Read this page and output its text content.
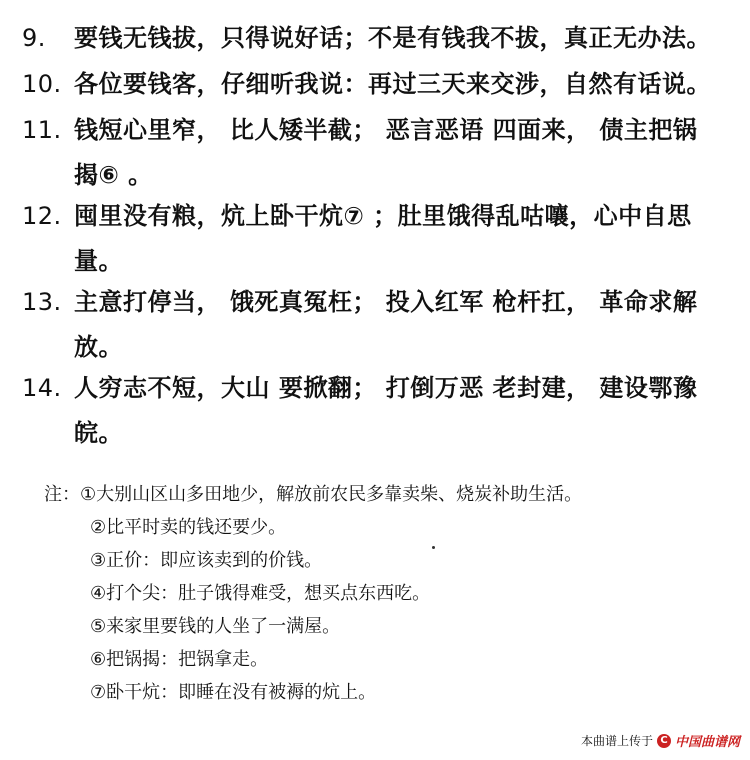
9. 要钱无钱拔，只得说好话；不是有钱我不拔，真正无办法。
10. 各位要钱客，仔细听我说：再过三天来交涉，自然有话说。
11. 钱短心里窄， 比人矮半截； 恶言恶语 四面来， 债主把锅
揭⑥ 。
12. 囤里没有粮，炕上卧干炕⑦ ；肚里饿得乱咕嚷，心中自思
量。
13. 主意打停当， 饿死真冤枉； 投入红军 枪杆扛， 革命求解
放。
14. 人穷志不短，大山 要掀翻； 打倒万恶 老封建， 建设鄂豫
皖。
注：①大别山区山多田地少，解放前农民多靠卖柴、烧炭补助生活。
②比平时卖的钱还要少。
③正价：即应该卖到的价钱。
④打个尖：肚子饿得难受，想买点东西吃。
⑤来家里要钱的人坐了一满屋。
⑥把锅揭：把锅拿走。
⑦卧干炕：即睡在没有被褥的炕上。
本曲谱上传于 C 中国曲谱网
